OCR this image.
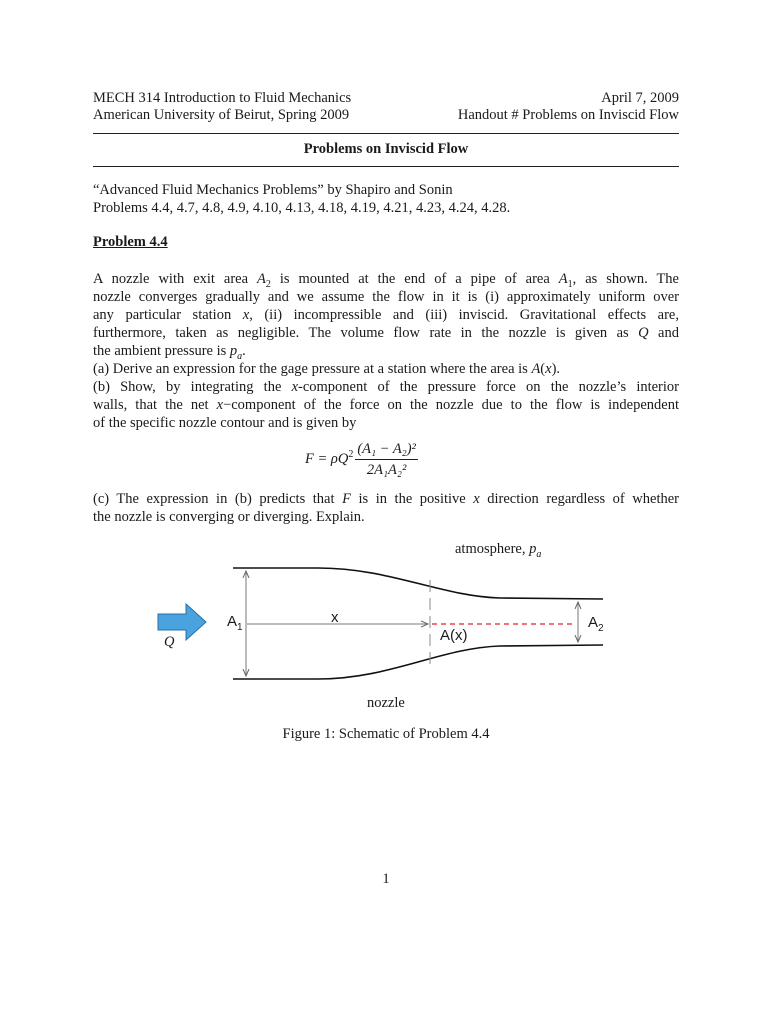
MECH 314 Introduction to Fluid Mechanics	April 7, 2009
American University of Beirut, Spring 2009	Handout # Problems on Inviscid Flow
Problems on Inviscid Flow
“Advanced Fluid Mechanics Problems” by Shapiro and Sonin
Problems 4.4, 4.7, 4.8, 4.9, 4.10, 4.13, 4.18, 4.19, 4.21, 4.23, 4.24, 4.28.
Problem 4.4
A nozzle with exit area $A_2$ is mounted at the end of a pipe of area $A_1$, as shown. The
nozzle converges gradually and we assume the flow in it is (i) approximately uniform over
any particular station x, (ii) incompressible and (iii) inviscid. Gravitational effects are,
furthermore, taken as negligible. The volume flow rate in the nozzle is given as Q and
the ambient pressure is $p_a$.
(a) Derive an expression for the gage pressure at a station where the area is A(x).
(b) Show, by integrating the x-component of the pressure force on the nozzle’s interior
walls, that the net x−component of the force on the nozzle due to the flow is independent
of the specific nozzle contour and is given by
$F = \rho Q^2 \frac{\text{(A₁ − A₂)²}}{\text{2A₁A₂²}}$
(c) The expression in (b) predicts that F is in the positive x direction regardless of whether
the nozzle is converging or diverging. Explain.
atmosphere, $p_a$
$A_1$
x
A(x)
$A_2$
Q
nozzle
Figure 1: Schematic of Problem 4.4
1
